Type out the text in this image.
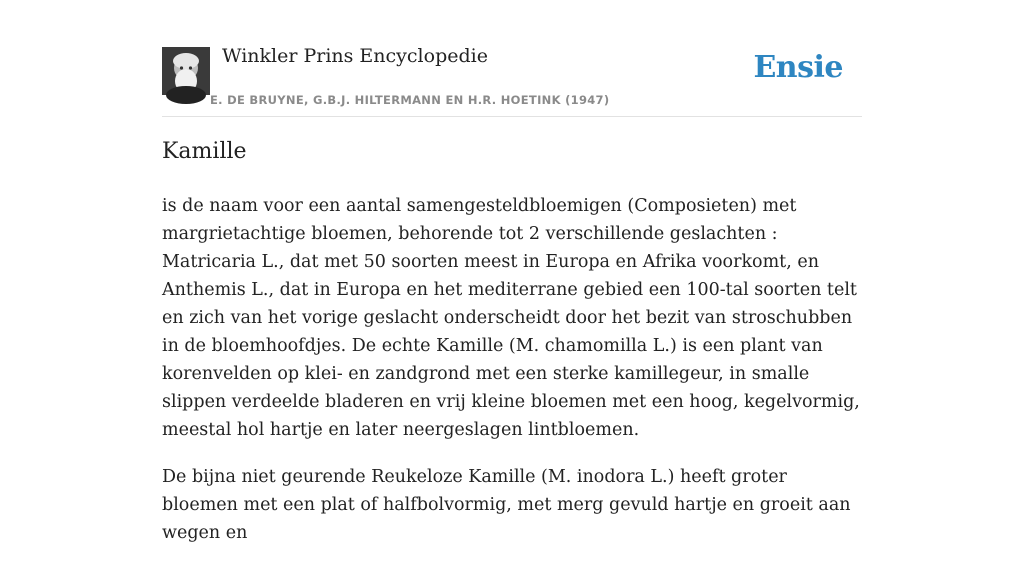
Winkler Prins Encyclopedie
E. DE BRUYNE, G.B.J. HILTERMANN EN H.R. HOETINK (1947)
Ensie
Kamille

is de naam voor een aantal samengesteldbloemigen (Composieten) met margrietachtige bloemen, behorende tot 2 verschillende geslachten : Matricaria L., dat met 50 soorten meest in Europa en Afrika voorkomt, en Anthemis L., dat in Europa en het mediterrane gebied een 100-tal soorten telt en zich van het vorige geslacht onderscheidt door het bezit van stroschubben in de bloemhoofdjes. De echte Kamille (M. chamomilla L.) is een plant van korenvelden op klei- en zandgrond met een sterke kamillegeur, in smalle slippen verdeelde bladeren en vrij kleine bloemen met een hoog, kegelvormig, meestal hol hartje en later neergeslagen lintbloemen.

De bijna niet geurende Reukeloze Kamille (M. inodora L.) heeft groter bloemen met een plat of halfbolvormig, met merg gevuld hartje en groeit aan wegen en
